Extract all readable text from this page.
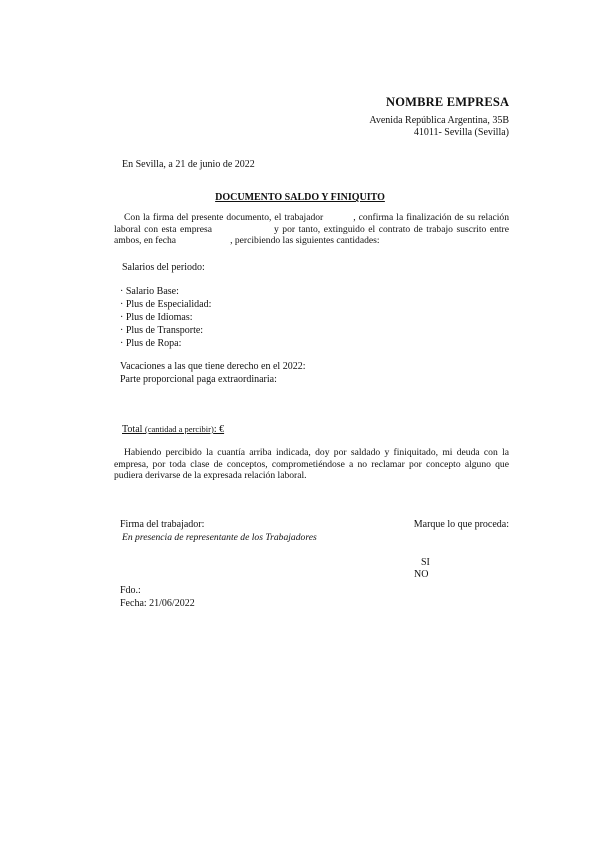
NOMBRE EMPRESA
Avenida República Argentina, 35B
41011- Sevilla (Sevilla)
En Sevilla, a 21 de junio de 2022
DOCUMENTO SALDO Y FINIQUITO
Con la firma del presente documento, el trabajador	, confirma la finalización de su relación laboral con esta empresa	y por tanto, extinguido el contrato de trabajo suscrito entre ambos, en fecha	, percibiendo las siguientes cantidades:
Salarios del periodo:
· Salario Base:
· Plus de Especialidad:
· Plus de Idiomas:
· Plus de Transporte:
· Plus de Ropa:
Vacaciones a las que tiene derecho en el 2022:
Parte proporcional paga extraordinaria:
Total (cantidad a percibir): €
Habiendo percibido la cuantía arriba indicada, doy por saldado y finiquitado, mi deuda con la empresa, por toda clase de conceptos, comprometiéndose a no reclamar por concepto alguno que pudiera derivarse de la expresada relación laboral.
Firma del trabajador:	Marque lo que proceda:
En presencia de representante de los Trabajadores
SI
NO
Fdo.:
Fecha: 21/06/2022
